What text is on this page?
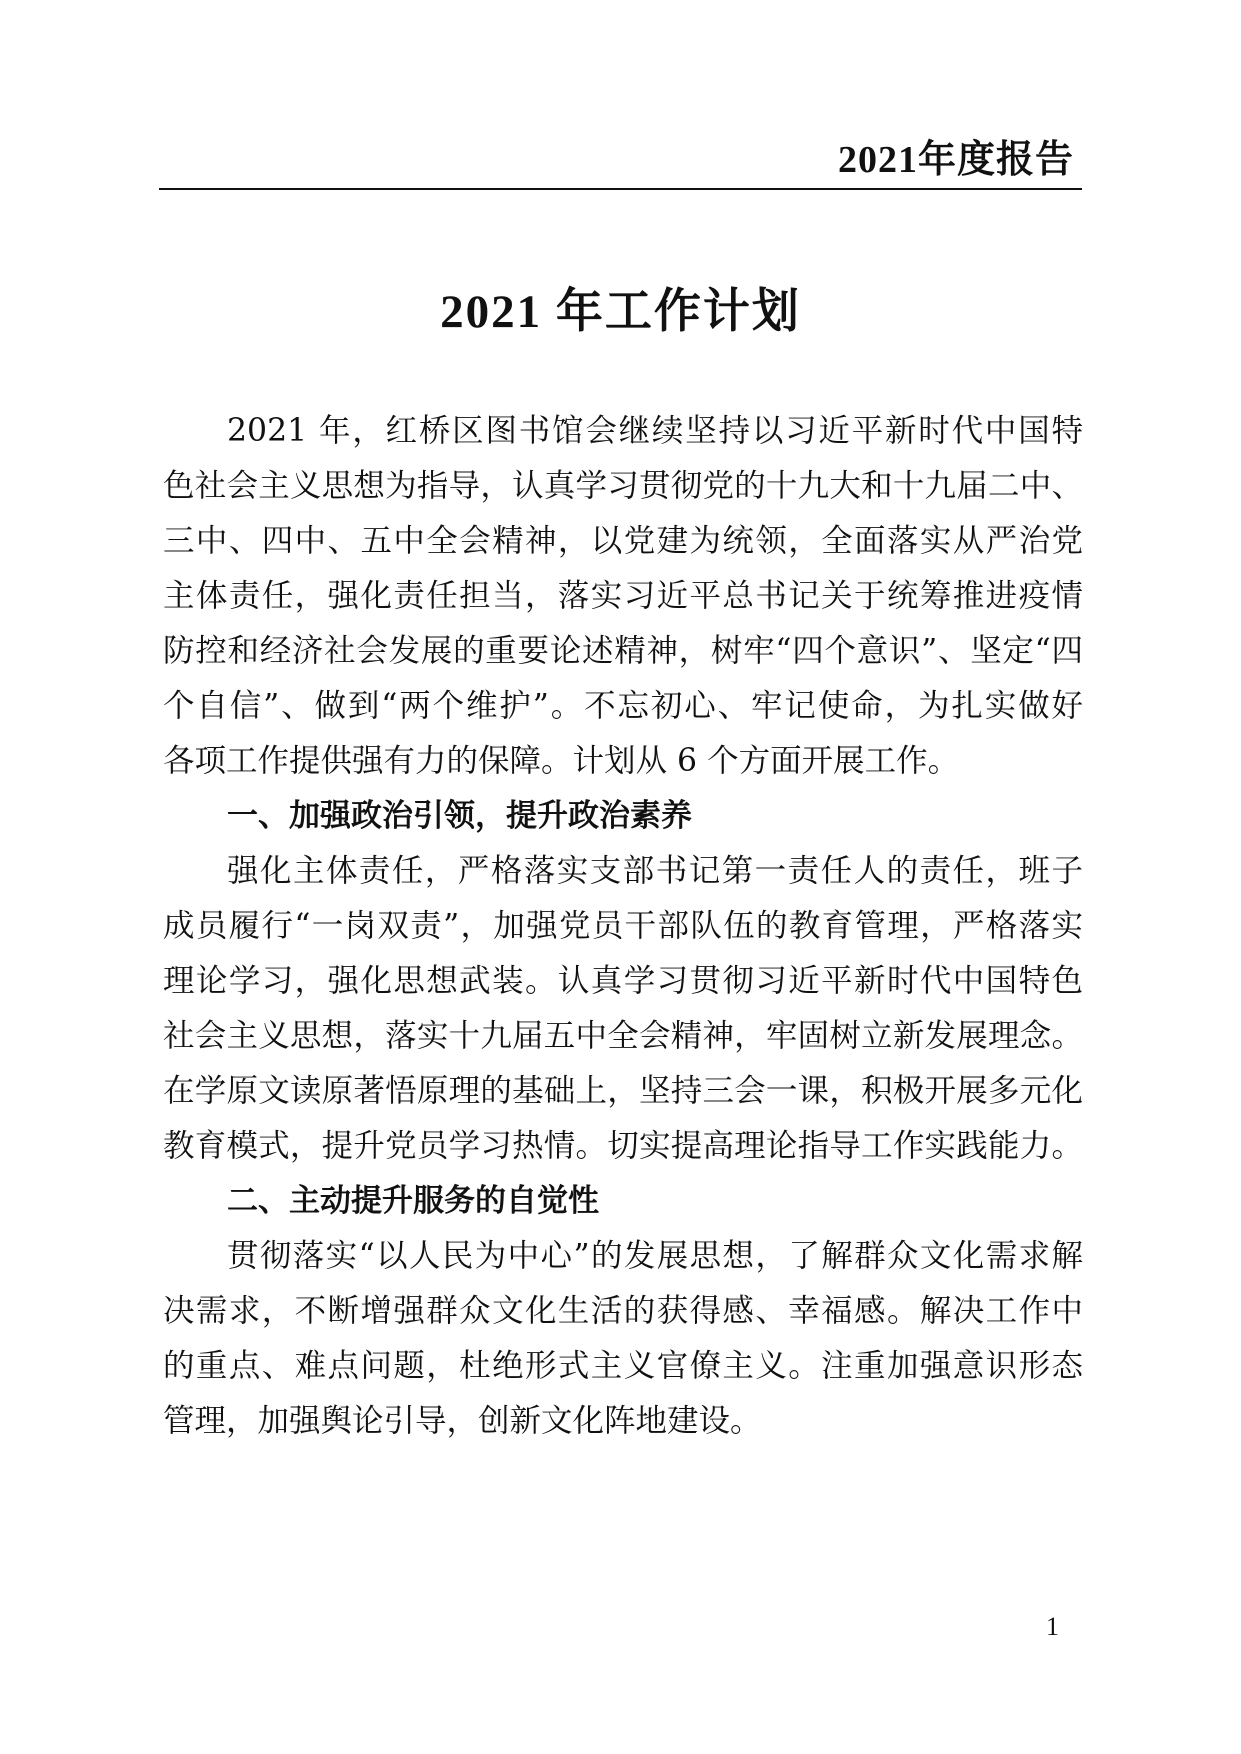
2021年度报告
2021 年工作计划
2021 年，红桥区图书馆会继续坚持以习近平新时代中国特
色社会主义思想为指导，认真学习贯彻党的十九大和十九届二中、
三中、四中、五中全会精神，以党建为统领，全面落实从严治党
主体责任，强化责任担当，落实习近平总书记关于统筹推进疫情
防控和经济社会发展的重要论述精神，树牢“四个意识”、坚定“四
个自信”、做到“两个维护”。不忘初心、牢记使命，为扎实做好
各项工作提供强有力的保障。计划从 6 个方面开展工作。
一、加强政治引领，提升政治素养
强化主体责任，严格落实支部书记第一责任人的责任，班子
成员履行“一岗双责”，加强党员干部队伍的教育管理，严格落实
理论学习，强化思想武装。认真学习贯彻习近平新时代中国特色
社会主义思想，落实十九届五中全会精神，牢固树立新发展理念。
在学原文读原著悟原理的基础上，坚持三会一课，积极开展多元化
教育模式，提升党员学习热情。切实提高理论指导工作实践能力。
二、主动提升服务的自觉性
贯彻落实“以人民为中心”的发展思想，了解群众文化需求解
决需求，不断增强群众文化生活的获得感、幸福感。解决工作中
的重点、难点问题，杜绝形式主义官僚主义。注重加强意识形态
管理，加强舆论引导，创新文化阵地建设。
1
